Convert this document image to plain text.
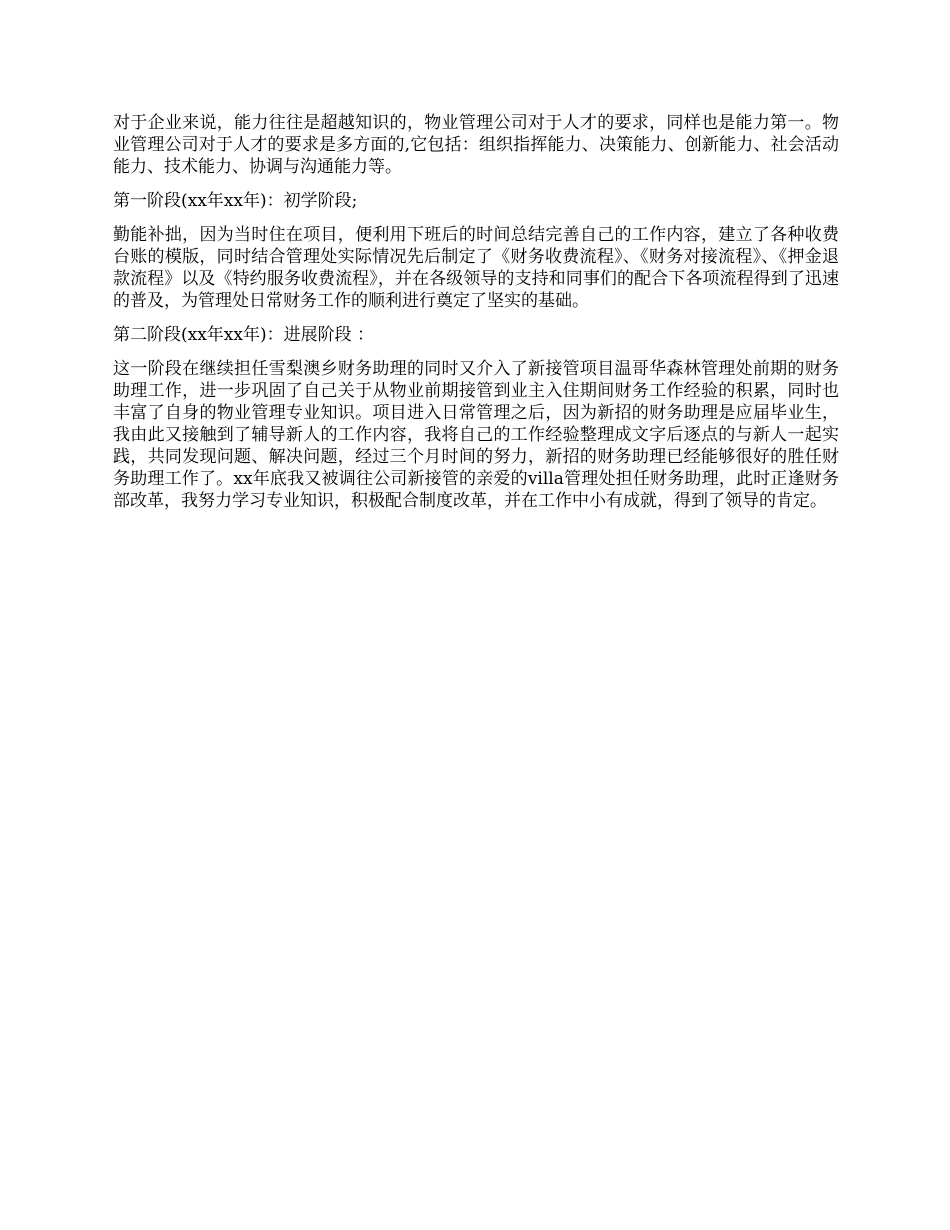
对于企业来说，能力往往是超越知识的，物业管理公司对于人才的要求，同样也是能力第一。物业管理公司对于人才的要求是多方面的,它包括：组织指挥能力、决策能力、创新能力、社会活动能力、技术能力、协调与沟通能力等。

第一阶段(xx年xx年)：初学阶段;

勤能补拙，因为当时住在项目，便利用下班后的时间总结完善自己的工作内容，建立了各种收费台账的模版，同时结合管理处实际情况先后制定了《财务收费流程》、《财务对接流程》、《押金退款流程》以及《特约服务收费流程》，并在各级领导的支持和同事们的配合下各项流程得到了迅速的普及，为管理处日常财务工作的顺利进行奠定了坚实的基础。

第二阶段(xx年xx年)：进展阶段 ：

这一阶段在继续担任雪梨澳乡财务助理的同时又介入了新接管项目温哥华森林管理处前期的财务助理工作，进一步巩固了自己关于从物业前期接管到业主入住期间财务工作经验的积累，同时也丰富了自身的物业管理专业知识。项目进入日常管理之后，因为新招的财务助理是应届毕业生，我由此又接触到了辅导新人的工作内容，我将自己的工作经验整理成文字后逐点的与新人一起实践，共同发现问题、解决问题，经过三个月时间的努力，新招的财务助理已经能够很好的胜任财务助理工作了。xx年底我又被调往公司新接管的亲爱的villa管理处担任财务助理，此时正逢财务部改革，我努力学习专业知识，积极配合制度改革，并在工作中小有成就，得到了领导的肯定。
